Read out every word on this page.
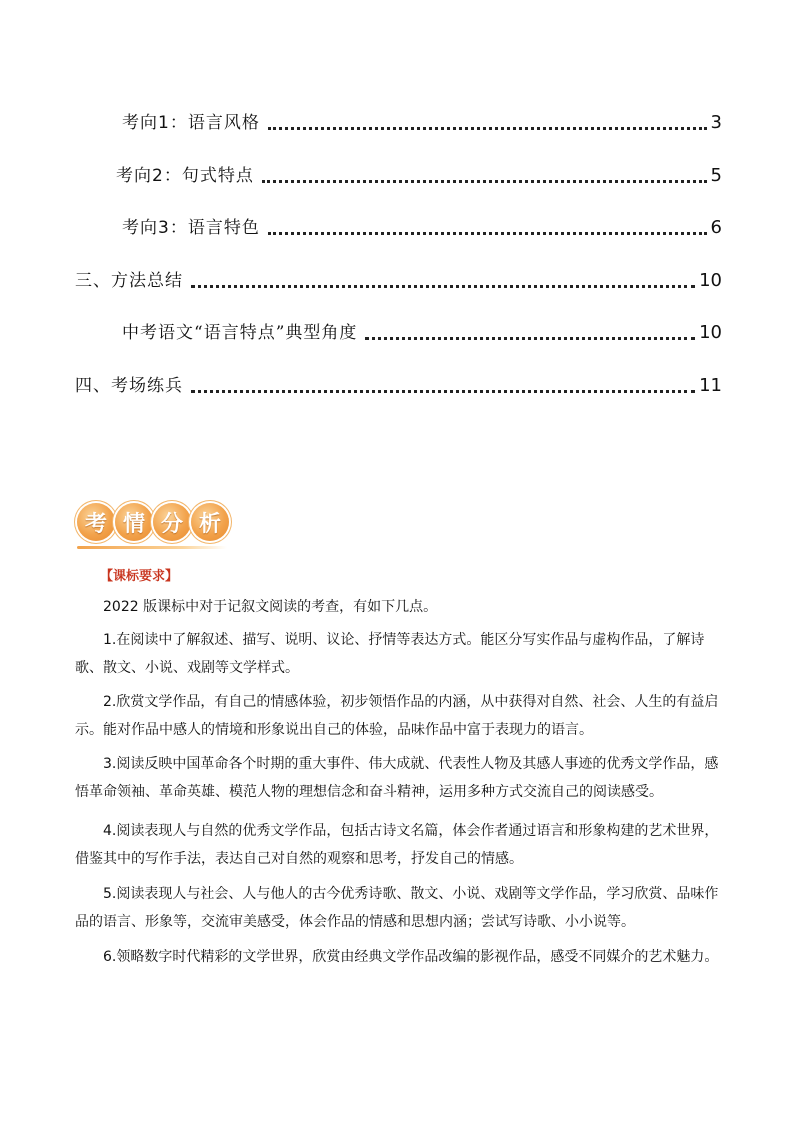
考向1：语言风格	3
考向2：句式特点	5
考向3：语言特色	6
三、方法总结	10
中考语文“语言特点”典型角度	10
四、考场练兵	11
考 情 分 析
【课标要求】
2022 版课标中对于记叙文阅读的考查，有如下几点。
1.在阅读中了解叙述、描写、说明、议论、抒情等表达方式。能区分写实作品与虚构作品，了解诗歌、散文、小说、戏剧等文学样式。
2.欣赏文学作品，有自己的情感体验，初步领悟作品的内涵，从中获得对自然、社会、人生的有益启示。能对作品中感人的情境和形象说出自己的体验，品味作品中富于表现力的语言。
3.阅读反映中国革命各个时期的重大事件、伟大成就、代表性人物及其感人事迹的优秀文学作品，感悟革命领袖、革命英雄、模范人物的理想信念和奋斗精神，运用多种方式交流自己的阅读感受。
4.阅读表现人与自然的优秀文学作品，包括古诗文名篇，体会作者通过语言和形象构建的艺术世界，借鉴其中的写作手法，表达自己对自然的观察和思考，抒发自己的情感。
5.阅读表现人与社会、人与他人的古今优秀诗歌、散文、小说、戏剧等文学作品，学习欣赏、品味作品的语言、形象等，交流审美感受，体会作品的情感和思想内涵；尝试写诗歌、小小说等。
6.领略数字时代精彩的文学世界，欣赏由经典文学作品改编的影视作品，感受不同媒介的艺术魅力。
